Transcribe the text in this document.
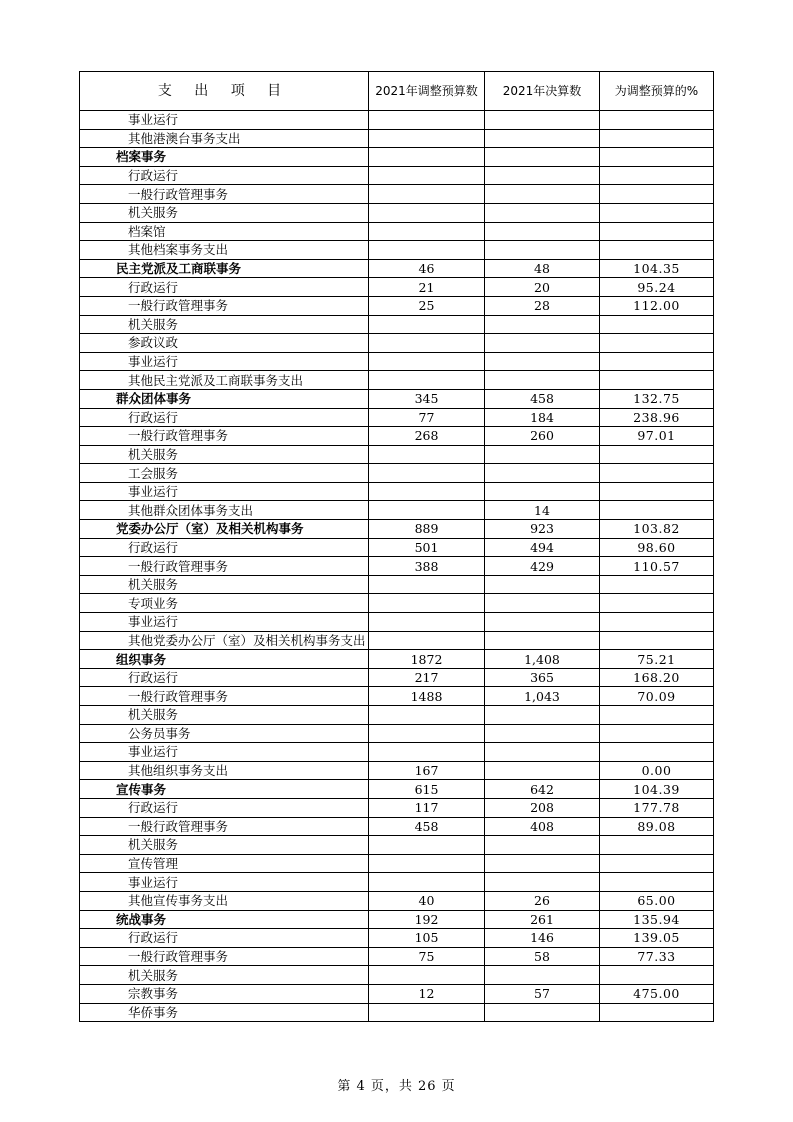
支 出 项 目	2021年调整预算数	2021年决算数	为调整预算的%
事业运行			
其他港澳台事务支出			
档案事务			
行政运行			
一般行政管理事务			
机关服务			
档案馆			
其他档案事务支出			
民主党派及工商联事务	46	48	104.35
行政运行	21	20	95.24
一般行政管理事务	25	28	112.00
机关服务			
参政议政			
事业运行			
其他民主党派及工商联事务支出			
群众团体事务	345	458	132.75
行政运行	77	184	238.96
一般行政管理事务	268	260	97.01
机关服务			
工会服务			
事业运行			
其他群众团体事务支出		14	
党委办公厅（室）及相关机构事务	889	923	103.82
行政运行	501	494	98.60
一般行政管理事务	388	429	110.57
机关服务			
专项业务			
事业运行			
其他党委办公厅（室）及相关机构事务支出			
组织事务	1872	1,408	75.21
行政运行	217	365	168.20
一般行政管理事务	1488	1,043	70.09
机关服务			
公务员事务			
事业运行			
其他组织事务支出	167		0.00
宣传事务	615	642	104.39
行政运行	117	208	177.78
一般行政管理事务	458	408	89.08
机关服务			
宣传管理			
事业运行			
其他宣传事务支出	40	26	65.00
统战事务	192	261	135.94
行政运行	105	146	139.05
一般行政管理事务	75	58	77.33
机关服务			
宗教事务	12	57	475.00
华侨事务			
第 4 页，共 26 页
